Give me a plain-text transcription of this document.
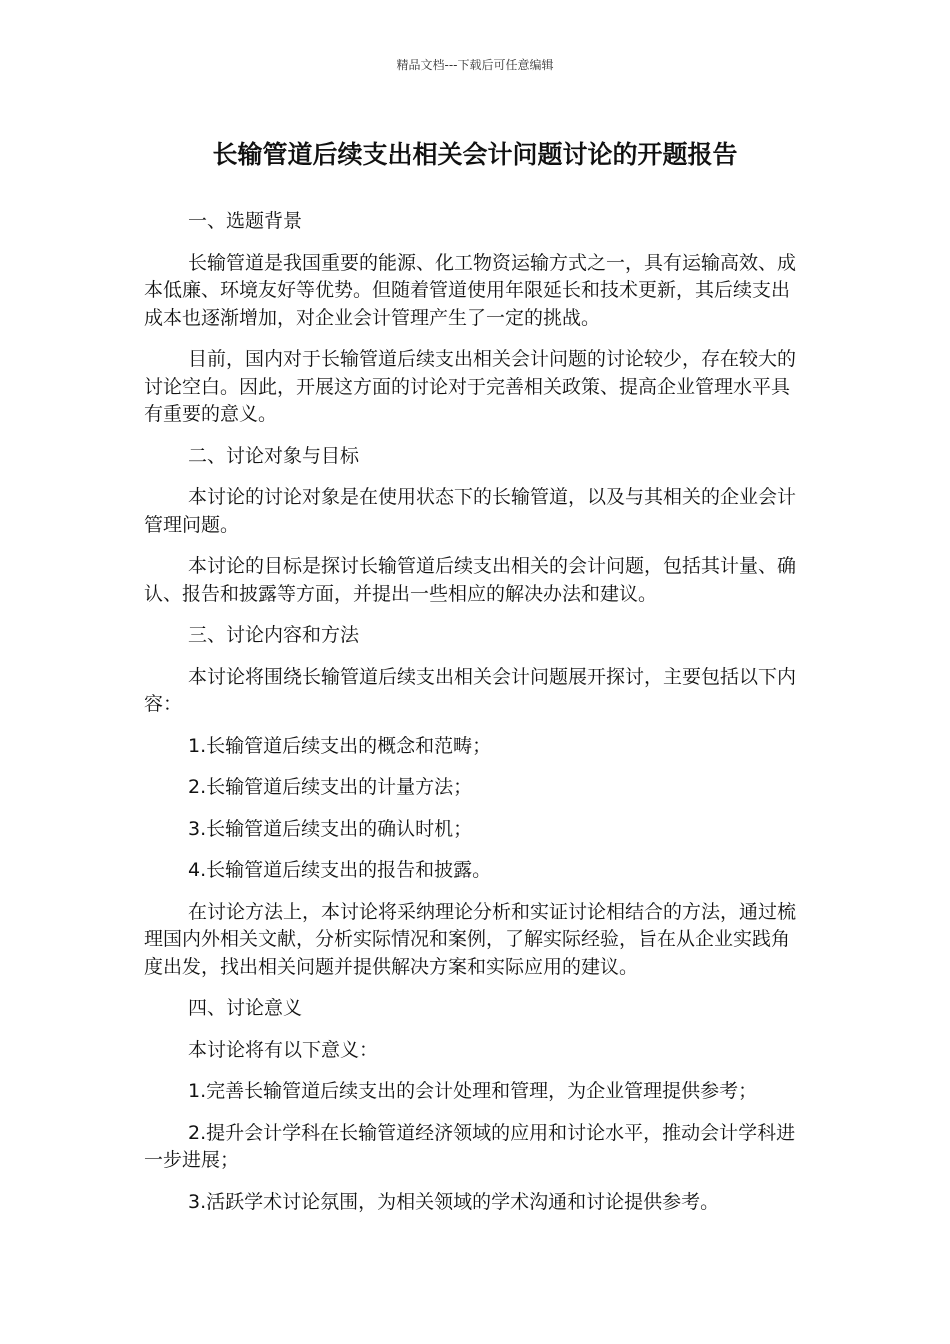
精品文档---下载后可任意编辑
长输管道后续支出相关会计问题讨论的开题报告

一、选题背景

长输管道是我国重要的能源、化工物资运输方式之一，具有运输高效、成本低廉、环境友好等优势。但随着管道使用年限延长和技术更新，其后续支出成本也逐渐增加，对企业会计管理产生了一定的挑战。

目前，国内对于长输管道后续支出相关会计问题的讨论较少，存在较大的讨论空白。因此，开展这方面的讨论对于完善相关政策、提高企业管理水平具有重要的意义。

二、讨论对象与目标

本讨论的讨论对象是在使用状态下的长输管道，以及与其相关的企业会计管理问题。

本讨论的目标是探讨长输管道后续支出相关的会计问题，包括其计量、确认、报告和披露等方面，并提出一些相应的解决办法和建议。

三、讨论内容和方法

本讨论将围绕长输管道后续支出相关会计问题展开探讨，主要包括以下内容：

1.长输管道后续支出的概念和范畴；

2.长输管道后续支出的计量方法；

3.长输管道后续支出的确认时机；

4.长输管道后续支出的报告和披露。

在讨论方法上，本讨论将采纳理论分析和实证讨论相结合的方法，通过梳理国内外相关文献，分析实际情况和案例，了解实际经验，旨在从企业实践角度出发，找出相关问题并提供解决方案和实际应用的建议。

四、讨论意义

本讨论将有以下意义：

1.完善长输管道后续支出的会计处理和管理，为企业管理提供参考；

2.提升会计学科在长输管道经济领域的应用和讨论水平，推动会计学科进一步进展；

3.活跃学术讨论氛围，为相关领域的学术沟通和讨论提供参考。
